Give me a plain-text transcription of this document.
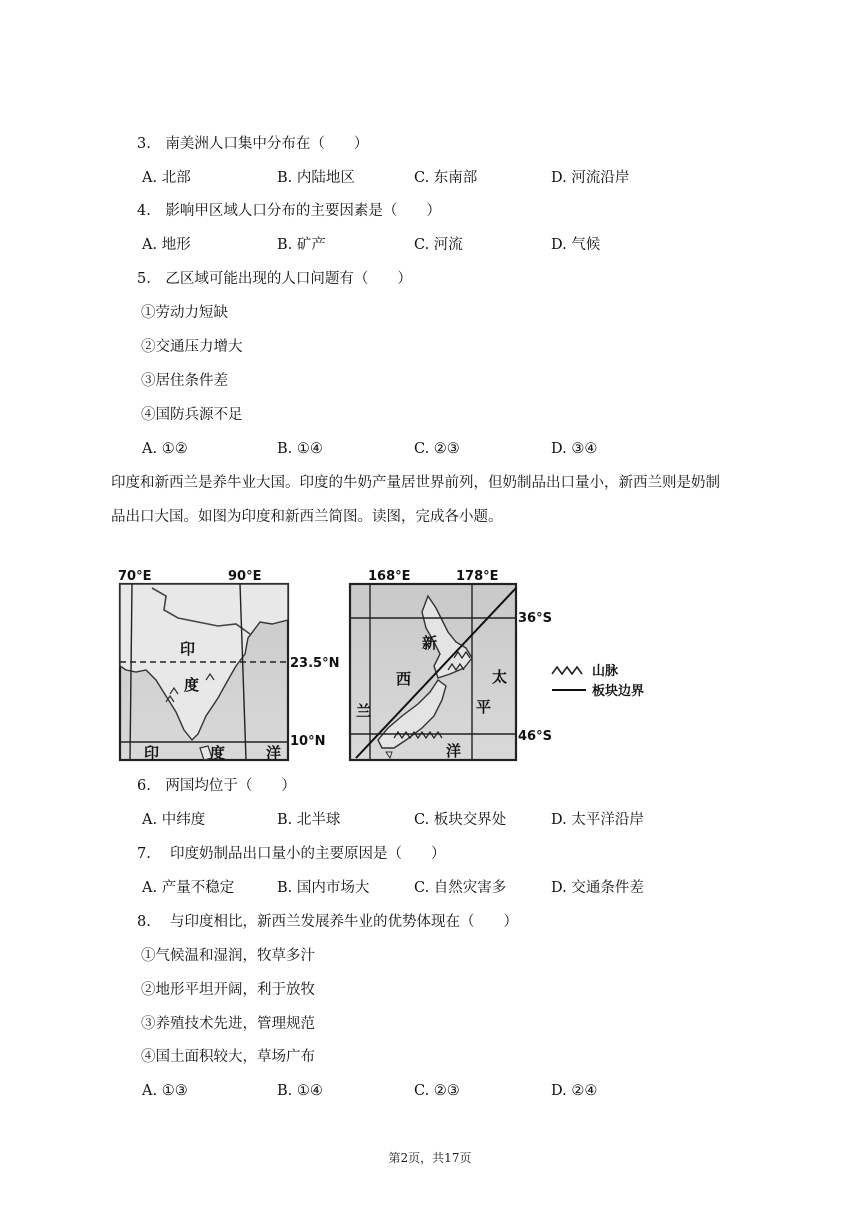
3.　南美洲人口集中分布在（　　）
A. 北部	B. 内陆地区	C. 东南部	D. 河流沿岸
4.　影响甲区域人口分布的主要因素是（　　）
A. 地形	B. 矿产	C. 河流	D. 气候
5.　乙区域可能出现的人口问题有（　　）
①劳动力短缺
②交通压力增大
③居住条件差
④国防兵源不足
A. ①②	B. ①④	C. ②③	D. ③④
印度和新西兰是养牛业大国。印度的牛奶产量居世界前列，但奶制品出口量小，新西兰则是奶制
品出口大国。如图为印度和新西兰简图。读图，完成各小题。
70°E	90°E
23.5°N
10°N
印
度
印	度	洋
168°E	178°E
36°S
46°S
新
西
兰
太
平
洋
山脉
板块边界
6.　两国均位于（　　）
A. 中纬度	B. 北半球	C. 板块交界处	D. 太平洋沿岸
7.　 印度奶制品出口量小的主要原因是（　　）
A. 产量不稳定	B. 国内市场大	C. 自然灾害多	D. 交通条件差
8.　 与印度相比，新西兰发展养牛业的优势体现在（　　）
①气候温和湿润，牧草多汁
②地形平坦开阔，利于放牧
③养殖技术先进，管理规范
④国土面积较大，草场广布
A. ①③	B. ①④	C. ②③	D. ②④
第2页，共17页
